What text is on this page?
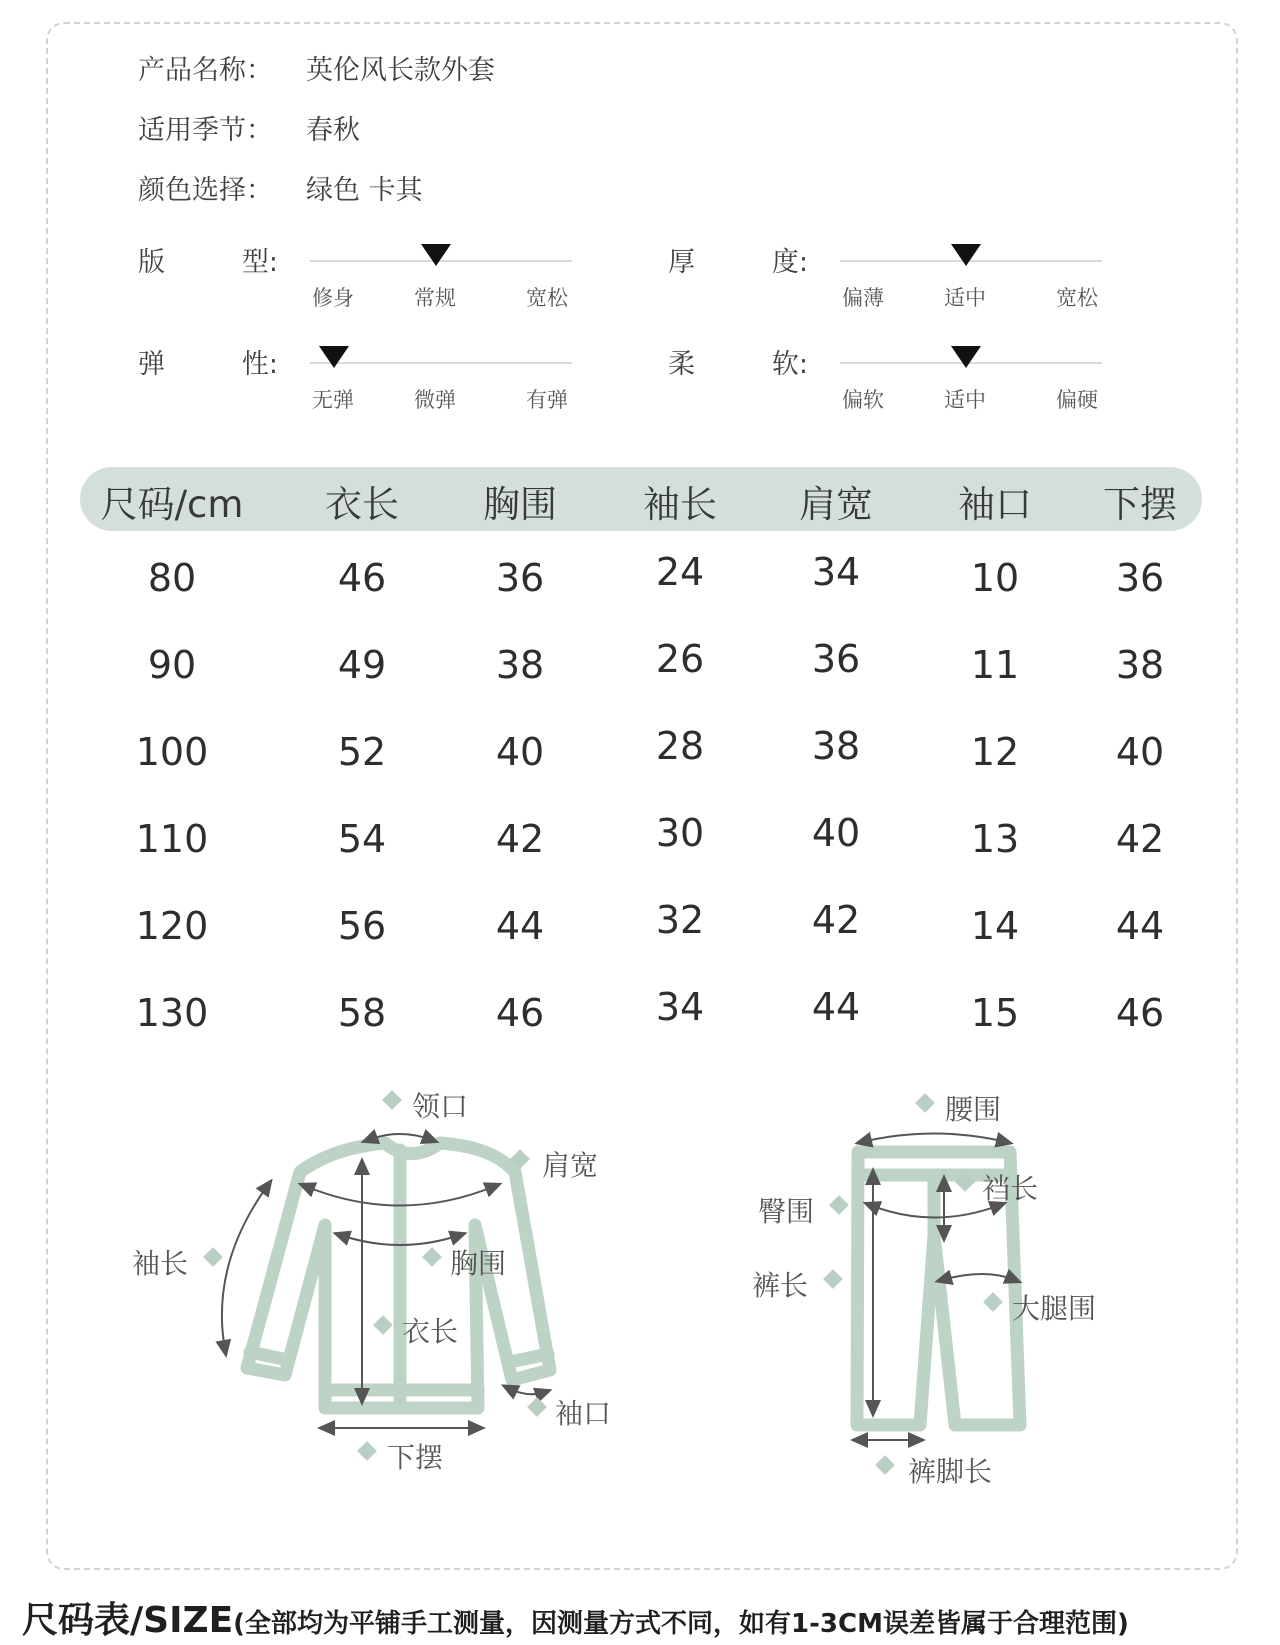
产品名称：	英伦风长款外套
适用季节：	春秋
颜色选择：	绿色 卡其
版	型:
修身	常规	宽松
厚	度:
偏薄	适中	宽松
弹	性:
无弹	微弹	有弹
柔	软:
偏软	适中	偏硬
尺码/cm 衣长 胸围 袖长 肩宽 袖口 下摆
80	46	36	24	34	10	36
90	49	38	26	36	11	38
100	52	40	28	38	12	40
110	54	42	30	40	13	42
120	56	44	32	42	14	44
130	58	46	34	44	15	46
领口
肩宽
袖长	胸围
衣长
袖口
下摆
腰围
裆长
臀围
裤长
大腿围
裤脚长
尺码表/SIZE(全部均为平铺手工测量，因测量方式不同，如有1-3CM误差皆属于合理范围)
